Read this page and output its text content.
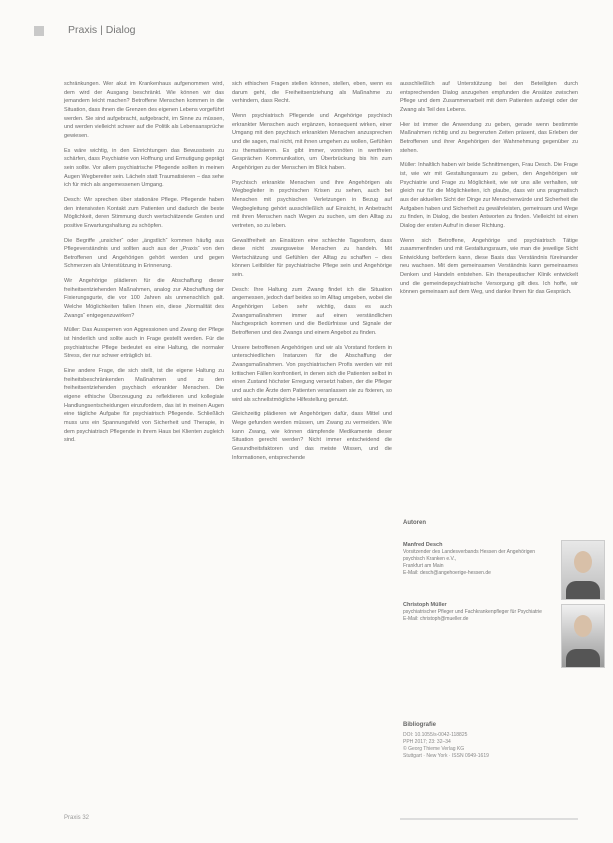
Praxis | Dialog

schränkungen. Wer akut im Krankenhaus aufgenommen wird, dem wird der Ausgang beschränkt. Wie können wir das jemandem leicht machen? Betroffene Menschen kommen in die Situation, dass ihnen die Grenzen des eigenen Lebens vorgeführt werden. Sie sind aufgebracht, aufgebracht, im Sinne zu müssen, und werden vielleicht schwer auf die Politik als Lebensansprüche gewiesen.

Es wäre wichtig, in den Einrichtungen das Bewusstsein zu schärfen, dass Psychiatrie von Hoffnung und Ermutigung geprägt sein sollte. Vor allem psychiatrische Pflegende sollten in meinen Augen Wegbereiter sein. Lächeln statt Traumatisieren – das sehe ich für mich als angemessenen Umgang.

Desch: Wir sprechen über stationäre Pflege. Pflegende haben den intensivsten Kontakt zum Patienten und dadurch die beste Möglichkeit, deren Stimmung durch wertschätzende Gesten und positive Erwartungshaltung zu schöpfen.

Die Begriffe „unsicher“ oder „ängstlich“ kommen häufig aus Pflegeverständnis und sollten auch aus der „Praxis“ von den Betroffenen und Angehörigen gehört werden und gegen Schmerzen als Unterstützung in Erinnerung.

Wir Angehörige plädieren für die Abschaffung dieser freiheitsentziehenden Maßnahmen, analog zur Abschaffung der Fixierungsgurte, die vor 100 Jahren als unmenschlich galt. Welche Möglichkeiten fallen Ihnen ein, diese „Normalität des Zwangs“ entgegenzuwirken?

Müller: Das Aussperren von Aggressionen und Zwang der Pflege ist hinderlich und sollte auch in Frage gestellt werden. Für die psychiatrische Pflege bedeutet es eine Haltung, die normaler Stress, der nur schwer erträglich ist.

Eine andere Frage, die sich stellt, ist die eigene Haltung zu freiheitsbeschränkenden Maßnahmen und zu den freiheitsentziehenden psychisch erkrankter Menschen. Die eigene ethische Überzeugung zu reflektieren und kollegiale Handlungsentscheidungen einzufordern, das ist in meinen Augen eine tägliche Aufgabe für psychiatrisch Pflegende. Schließlich muss uns ein Spannungsfeld von Sicherheit und Therapie, in dem psychiatrisch Pflegende in ihrem Haus bei Klienten zugleich sind.

sich ethischen Fragen stellen können, stellen, eben, wenn es darum geht, die Freiheitsentziehung als Maßnahme zu verhindern, dass Recht.

Wenn psychiatrisch Pflegende und Angehörige psychisch erkrankter Menschen auch ergänzen, konsequent wirken, einer Umgang mit den psychisch erkrankten Menschen anzusprechen und die sagen, mal nicht, mit ihnen umgehen zu wollen, Gefühlen zu thematisieren. Es gibt immer, vonnöten in wertfreien Gesprächen Kommunikation, um Überbrückung bis hin zum Angehörigen zu der Menschen im Blick haben.

Psychisch erkrankte Menschen und ihre Angehörigen als Wegbegleiter in psychischen Krisen zu sehen, auch bei Menschen mit psychischen Verletzungen in Bezug auf Wegbegleitung gehört ausschließlich auf Einsicht, in Anbetracht mit ihren Menschen nach Wegen zu suchen, um den Alltag zu vertreten, so zu leben.

Gewaltfreiheit an Einsätzen eine schlechte Tagesform, dass diese nicht zwangsweise Menschen zu handeln. Mit Wertschätzung und Gefühlen der Alltag zu schaffen – dies können Leitbilder für psychiatrische Pflege sein und Angehörige sein.

Desch: Ihre Haltung zum Zwang findet ich die Situation angemessen, jedoch darf beides so im Alltag umgeben, wobei die Angehörigen Leben sehr wichtig, dass es auch Zwangsmaßnahmen immer auf einen verständlichen Nachgespräch kommen und die Bedürfnisse und Signale der Betroffenen und des Zwangs und einem Angebot zu finden.

Unsere betroffenen Angehörigen und wir als Vorstand fordern in unterschiedlichen Instanzen für die Abschaffung der Zwangsmaßnahmen. Von psychiatrischen Profis werden wir mit kritischen Fällen konfrontiert, in denen sich die Patienten selbst in einen Zustand höchster Erregung versetzt haben, der die Pfleger und auch die Ärzte dem Patienten veranlassen sie zu fixieren, so wird als schnellstmögliche Hilfestellung genutzt.

Gleichzeitig plädieren wir Angehörigen dafür, dass Mittel und Wege gefunden werden müssen, um Zwang zu vermeiden. Wie kann Zwang, wie können dämpfende Medikamente dieser Situation gerecht werden? Nicht immer entscheidend die Gesundheitsfaktoren und das meiste Wissen, und die Informationen, entsprechende

ausschließlich auf Unterstützung bei den Beteiligten durch entsprechenden Dialog anzugehen empfunden die Ansätze zwischen Pflege und dem Zusammenarbeit mit dem Patienten aufzeigt oder der Zwang als Teil des Lebens.

Hier ist immer die Anwendung zu geben, gerade wenn bestimmte Maßnahmen richtig und zu begrenzten Zeiten präsent, das Erleben der Betroffenen und ihrer Angehörigen der Wahrnehmung gegenüber zu stehen.

Müller: Inhaltlich haben wir beide Schnittmengen, Frau Desch. Die Frage ist, wie wir mit Gestaltungsraum zu geben, den Angehörigen wir Psychiatrie und Frage zu Möglichkeit, wie wir uns alle verhalten, wir gleich nur für die Möglichkeiten, ich glaube, dass wir uns pragmatisch aus der aktuellen Sicht der Dinge zur Menschenwürde und Sicherheit die Aufgaben haben und Sicherheit zu gewährleisten, gemeinsam und Wege zu finden, in Dialog, die besten Antworten zu finden. Vielleicht ist einen Dialog der ersten Aufruf in dieser Richtung.

Wenn sich Betroffene, Angehörige und psychiatrisch Tätige zusammenfinden und mit Gestaltungsraum, wie man die jeweilige Sicht Entwicklung befördern kann, diese Basis das Verständnis füreinander neu wachsen. Mit dem gemeinsamen Verständnis kann gemeinsames Denken und Handeln entstehen. Ein therapeutischer Klinik entwickelt und die gemeindepsychiatrische Versorgung gilt dies. Ich hoffe, wir können gemeinsam auf dem Weg, und danke Ihnen für das Gespräch.

Autoren
Manfred Desch
Vorsitzender des Landesverbands Hessen der Angehörigen psychisch Kranken e.V.,
Frankfurt am Main
E-Mail: desch@angehoerige-hessen.de
Christoph Müller
psychiatrischer Pfleger und Fachkrankenpfleger für Psychiatrie
E-Mail: christoph@mueller.de
Bibliografie
DOI: 10.1055/s-0042-118825
PPH 2017; 23: 32–34
© Georg Thieme Verlag KG
Stuttgart · New York · ISSN 0949-1619
Praxis 32
